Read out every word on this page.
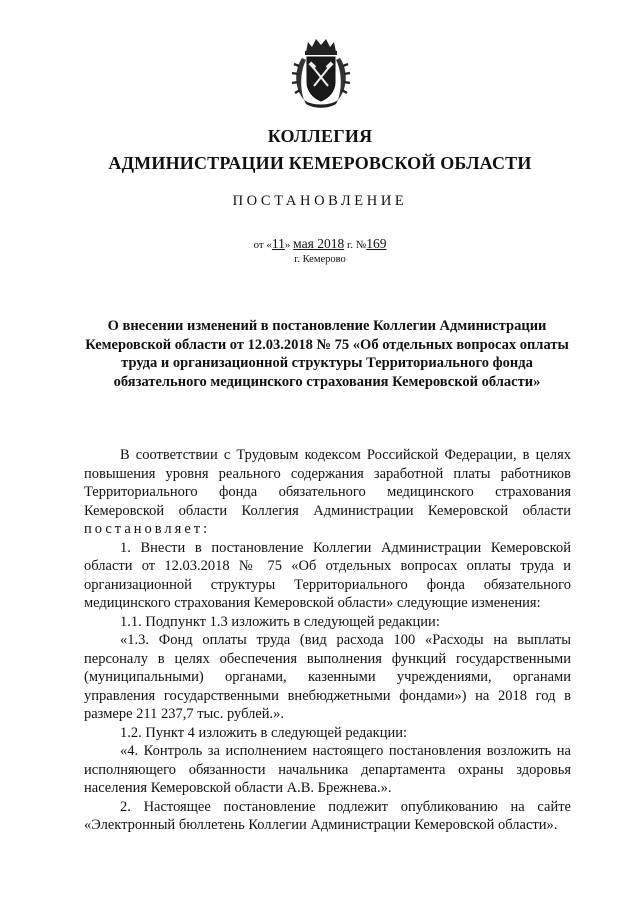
КОЛЛЕГИЯ
АДМИНИСТРАЦИИ КЕМЕРОВСКОЙ ОБЛАСТИ
ПОСТАНОВЛЕНИЕ
от «11» мая 2018 г. №169
г. Кемерово
О внесении изменений в постановление Коллегии Администрации Кемеровской области от 12.03.2018 № 75 «Об отдельных вопросах оплаты труда и организационной структуры Территориального фонда обязательного медицинского страхования Кемеровской области»

В соответствии с Трудовым кодексом Российской Федерации, в целях повышения уровня реального содержания заработной платы работников Территориального фонда обязательного медицинского страхования Кемеровской области Коллегия Администрации Кемеровской области постановляет:

1. Внести в постановление Коллегии Администрации Кемеровской области от 12.03.2018 № 75 «Об отдельных вопросах оплаты труда и организационной структуры Территориального фонда обязательного медицинского страхования Кемеровской области» следующие изменения:

1.1. Подпункт 1.3 изложить в следующей редакции:

«1.3. Фонд оплаты труда (вид расхода 100 «Расходы на выплаты персоналу в целях обеспечения выполнения функций государственными (муниципальными) органами, казенными учреждениями, органами управления государственными внебюджетными фондами») на 2018 год в размере 211 237,7 тыс. рублей.».

1.2. Пункт 4 изложить в следующей редакции:

«4. Контроль за исполнением настоящего постановления возложить на исполняющего обязанности начальника департамента охраны здоровья населения Кемеровской области А.В. Брежнева.».

2. Настоящее постановление подлежит опубликованию на сайте «Электронный бюллетень Коллегии Администрации Кемеровской области».
